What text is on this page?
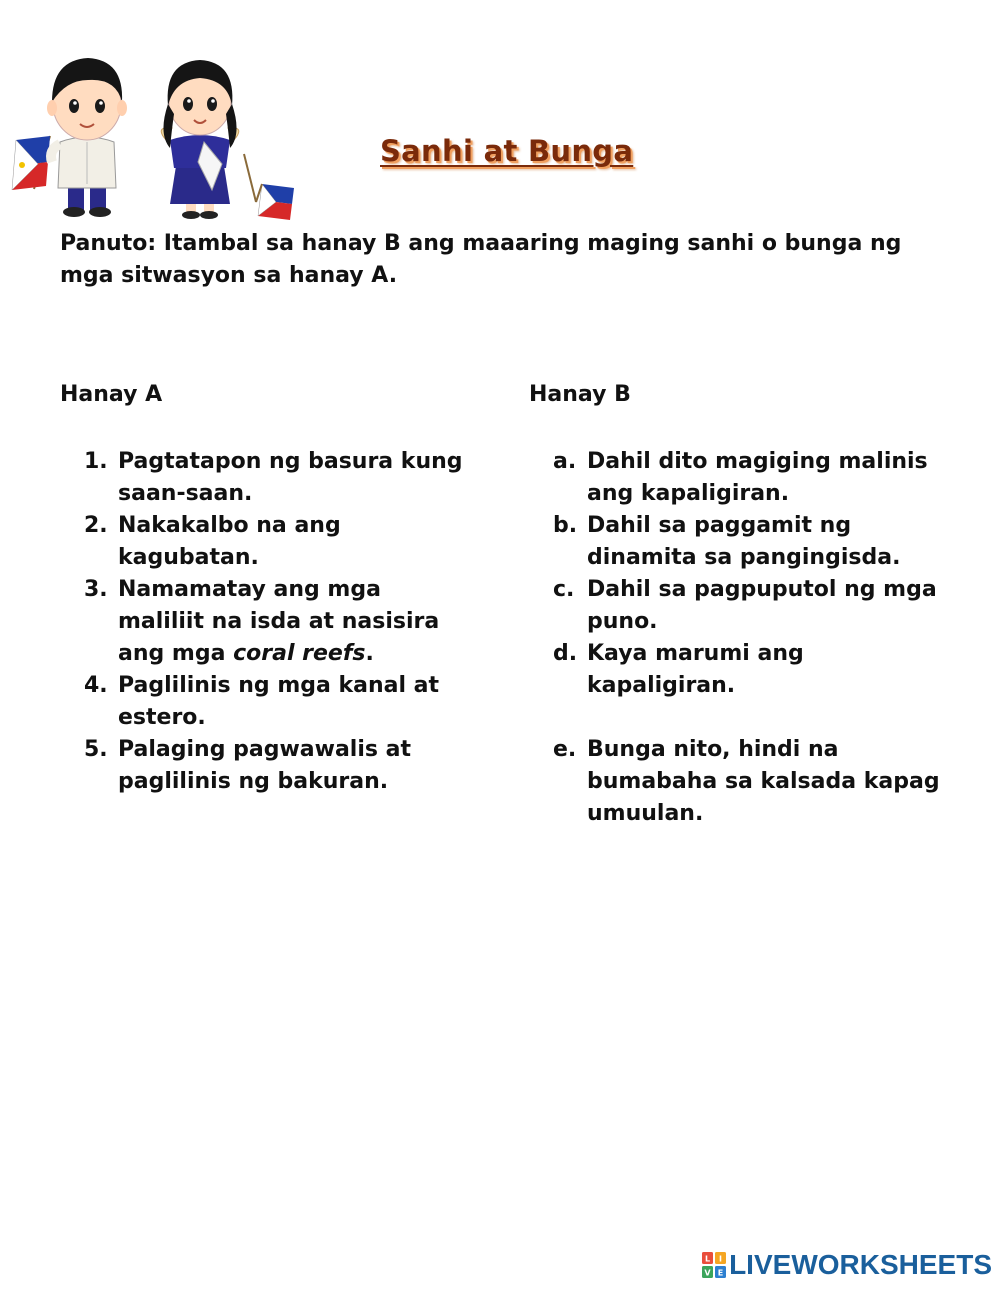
Sanhi at Bunga

Panuto: Itambal sa hanay B ang maaaring maging sanhi o bunga ng mga sitwasyon sa hanay A.

Hanay A	Hanay B
1. Pagtatapon ng basura kung saan-saan.
2. Nakakalbo na ang kagubatan.
3. Namamatay ang mga maliliit na isda at nasisira ang mga coral reefs.
4. Paglilinis ng mga kanal at estero.
5. Palaging pagwawalis at paglilinis ng bakuran.
a. Dahil dito magiging malinis ang kapaligiran.
b. Dahil sa paggamit ng dinamita sa pangingisda.
c. Dahil sa pagpuputol ng mga puno.
d. Kaya marumi ang kapaligiran.
e. Bunga nito, hindi na bumabaha sa kalsada kapag umuulan.
L I
V E LIVEWORKSHEETS
